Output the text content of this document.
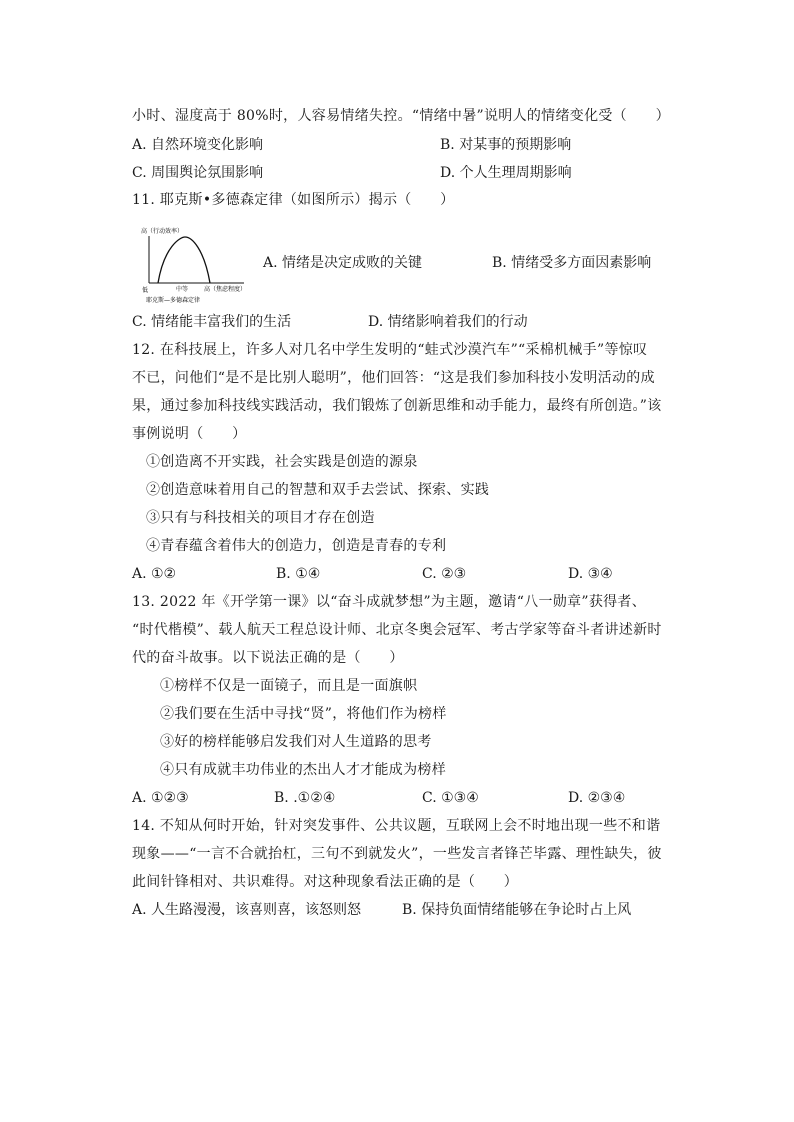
小时、湿度高于 80%时，人容易情绪失控。“情绪中暑”说明人的情绪变化受（　　）
A. 自然环境变化影响	B. 对某事的预期影响
C. 周围舆论氛围影响	D. 个人生理周期影响
11. 耶克斯•多德森定律（如图所示）揭示（　　）
高（行动效率）
低	中等	高（焦虑程度）
耶克斯—多德森定律
A. 情绪是决定成败的关键	B. 情绪受多方面因素影响
C. 情绪能丰富我们的生活	D. 情绪影响着我们的行动
12. 在科技展上，许多人对几名中学生发明的“蛙式沙漠汽车”“采棉机械手”等惊叹
不已，问他们“是不是比别人聪明”，他们回答：“这是我们参加科技小发明活动的成
果，通过参加科技线实践活动，我们锻炼了创新思维和动手能力，最终有所创造。”该
事例说明（　　）
①创造离不开实践，社会实践是创造的源泉
②创造意味着用自己的智慧和双手去尝试、探索、实践
③只有与科技相关的项目才存在创造
④青春蕴含着伟大的创造力，创造是青春的专利
A. ①②	B. ①④	C. ②③	D. ③④
13. 2022 年《开学第一课》以“奋斗成就梦想”为主题，邀请“八一勋章”获得者、
“时代楷模”、载人航天工程总设计师、北京冬奥会冠军、考古学家等奋斗者讲述新时
代的奋斗故事。以下说法正确的是（　　）
①榜样不仅是一面镜子，而且是一面旗帜
②我们要在生活中寻找“贤”，将他们作为榜样
③好的榜样能够启发我们对人生道路的思考
④只有成就丰功伟业的杰出人才才能成为榜样
A. ①②③	B. .①②④	C. ①③④	D. ②③④
14. 不知从何时开始，针对突发事件、公共议题，互联网上会不时地出现一些不和谐
现象——“一言不合就抬杠，三句不到就发火”，一些发言者锋芒毕露、理性缺失，彼
此间针锋相对、共识难得。对这种现象看法正确的是（　　）
A. 人生路漫漫，该喜则喜，该怒则怒	B. 保持负面情绪能够在争论时占上风
